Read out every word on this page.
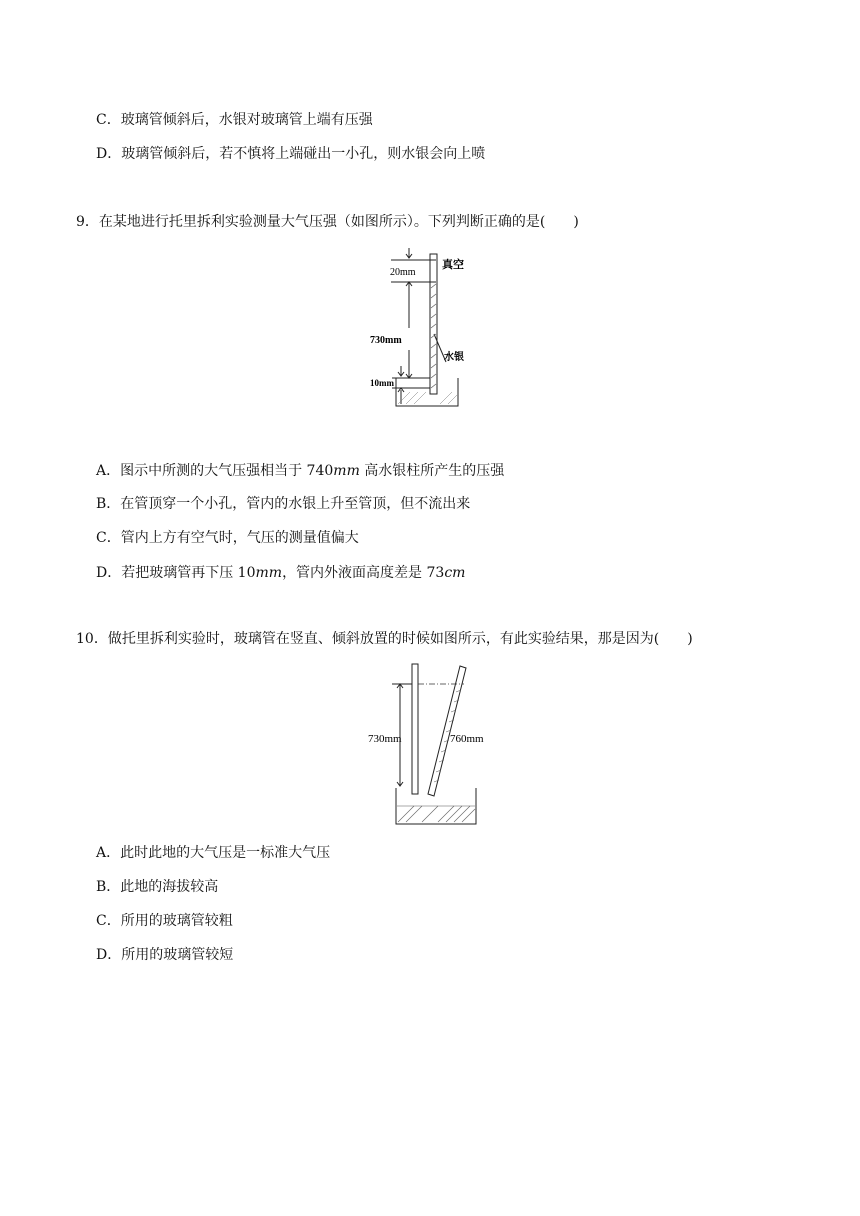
C．玻璃管倾斜后，水银对玻璃管上端有压强
D．玻璃管倾斜后，若不慎将上端碰出一小孔，则水银会向上喷
9．在某地进行托里拆利实验测量大气压强（如图所示）。下列判断正确的是(　　)
20mm
真空
730mm
水银
10mm
A．图示中所测的大气压强相当于 740mm 高水银柱所产生的压强
B．在管顶穿一个小孔，管内的水银上升至管顶，但不流出来
C．管内上方有空气时，气压的测量值偏大
D．若把玻璃管再下压 10mm，管内外液面高度差是 73cm
10．做托里拆利实验时，玻璃管在竖直、倾斜放置的时候如图所示，有此实验结果，那是因为(　　)
730mm	760mm
A．此时此地的大气压是一标准大气压
B．此地的海拔较高
C．所用的玻璃管较粗
D．所用的玻璃管较短
